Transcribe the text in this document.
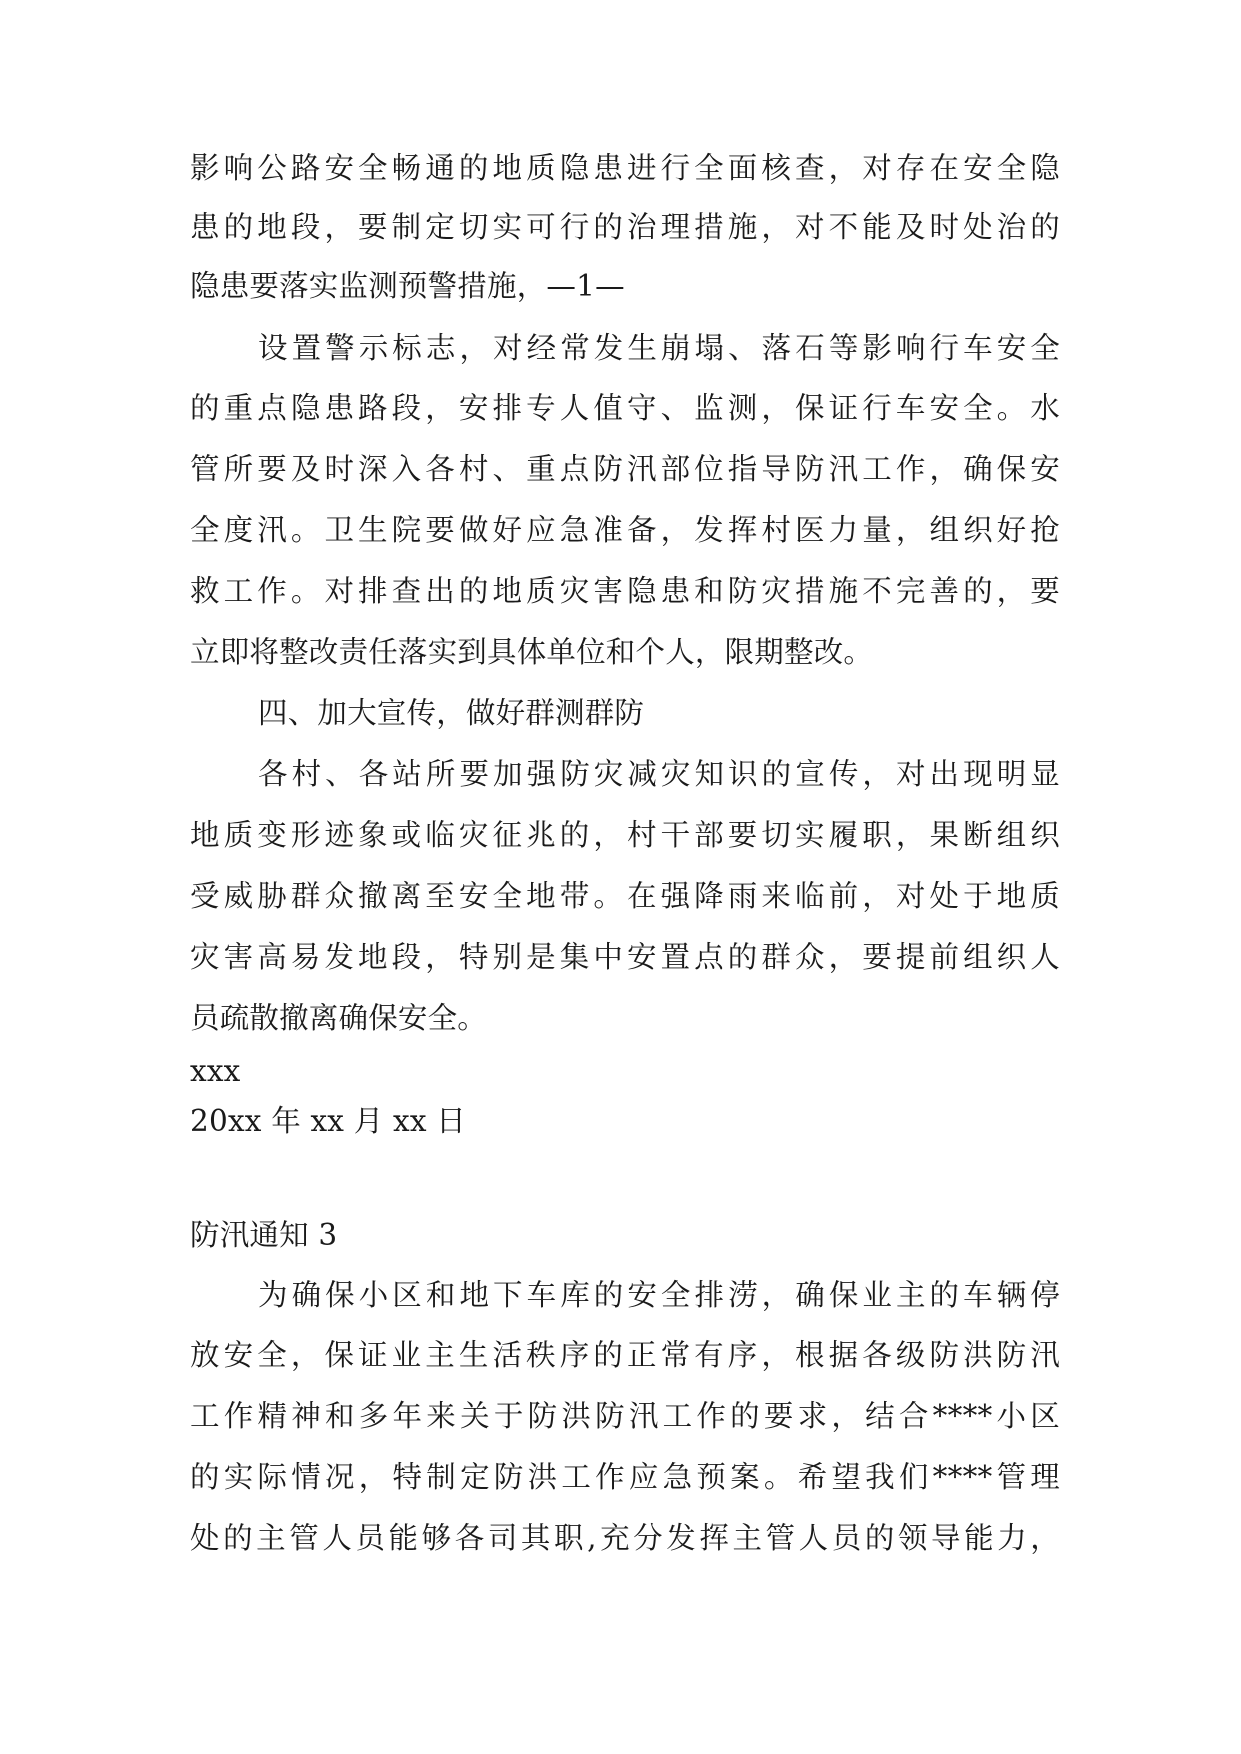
影响公路安全畅通的地质隐患进行全面核查，对存在安全隐
患的地段，要制定切实可行的治理措施，对不能及时处治的
隐患要落实监测预警措施，—1—
设置警示标志，对经常发生崩塌、落石等影响行车安全
的重点隐患路段，安排专人值守、监测，保证行车安全。水
管所要及时深入各村、重点防汛部位指导防汛工作，确保安
全度汛。卫生院要做好应急准备，发挥村医力量，组织好抢
救工作。对排查出的地质灾害隐患和防灾措施不完善的，要
立即将整改责任落实到具体单位和个人，限期整改。
四、加大宣传，做好群测群防
各村、各站所要加强防灾减灾知识的宣传，对出现明显
地质变形迹象或临灾征兆的，村干部要切实履职，果断组织
受威胁群众撤离至安全地带。在强降雨来临前，对处于地质
灾害高易发地段，特别是集中安置点的群众，要提前组织人
员疏散撤离确保安全。
xxx
20xx 年 xx 月 xx 日
防汛通知 3
为确保小区和地下车库的安全排涝，确保业主的车辆停
放安全，保证业主生活秩序的正常有序，根据各级防洪防汛
工作精神和多年来关于防洪防汛工作的要求，结合****小区
的实际情况，特制定防洪工作应急预案。希望我们****管理
处的主管人员能够各司其职,充分发挥主管人员的领导能力，
